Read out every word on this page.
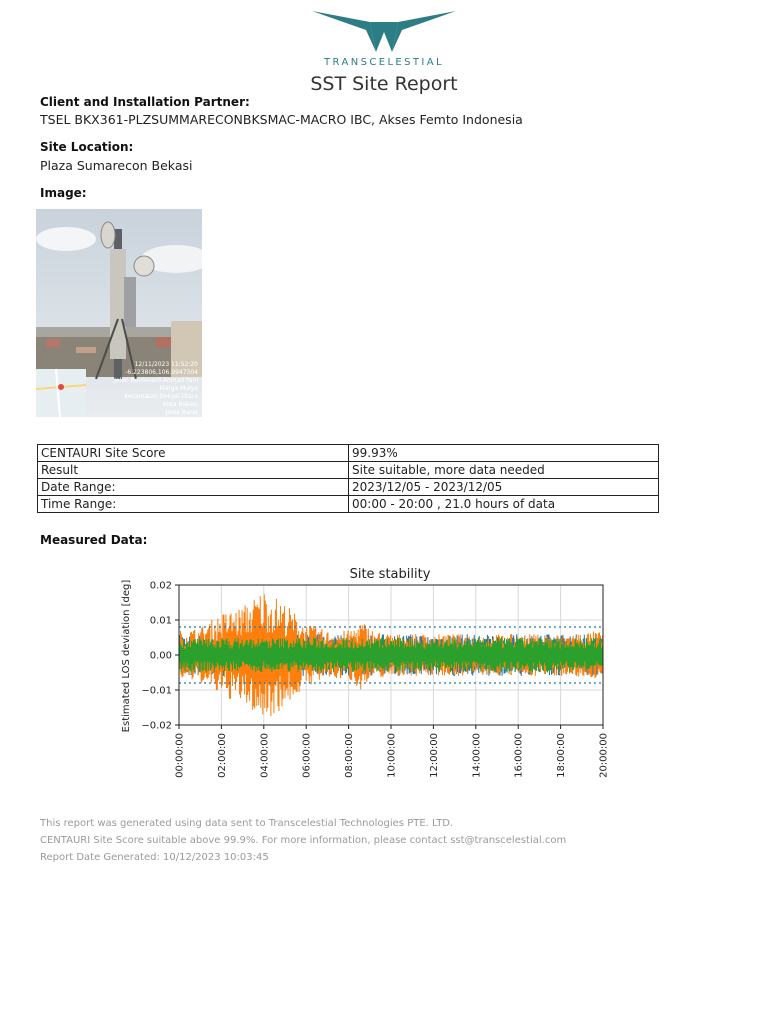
TRANSCELESTIAL
SST Site Report
Client and Installation Partner:
TSEL BKX361-PLZSUMMARECONBKSMAC-MACRO IBC, Akses Femto Indonesia
Site Location:
Plaza Sumarecon Bekasi
Image:
12/11/2023 11:52:20
-6.223806,106.9947304
Jalan Boulevard Ahmad Yani
Marga Mulya
Kecamatan Bekasi Utara
Kota Bekasi
Jawa Barat
CENTAURI Site Score	99.93%
Result	Site suitable, more data needed
Date Range:	2023/12/05 - 2023/12/05
Time Range:	00:00 - 20:00 , 21.0 hours of data
Measured Data:
Site stability
Estimated LOS deviation [deg] 0.02
0.01
0.00
−0.01
−0.02
00:00:00	02:00:00	04:00:00	06:00:00	08:00:00	10:00:00	12:00:00	14:00:00	16:00:00	18:00:00	20:00:00
This report was generated using data sent to Transcelestial Technologies PTE. LTD.
CENTAURI Site Score suitable above 99.9%. For more information, please contact sst@transcelestial.com
Report Date Generated: 10/12/2023 10:03:45
